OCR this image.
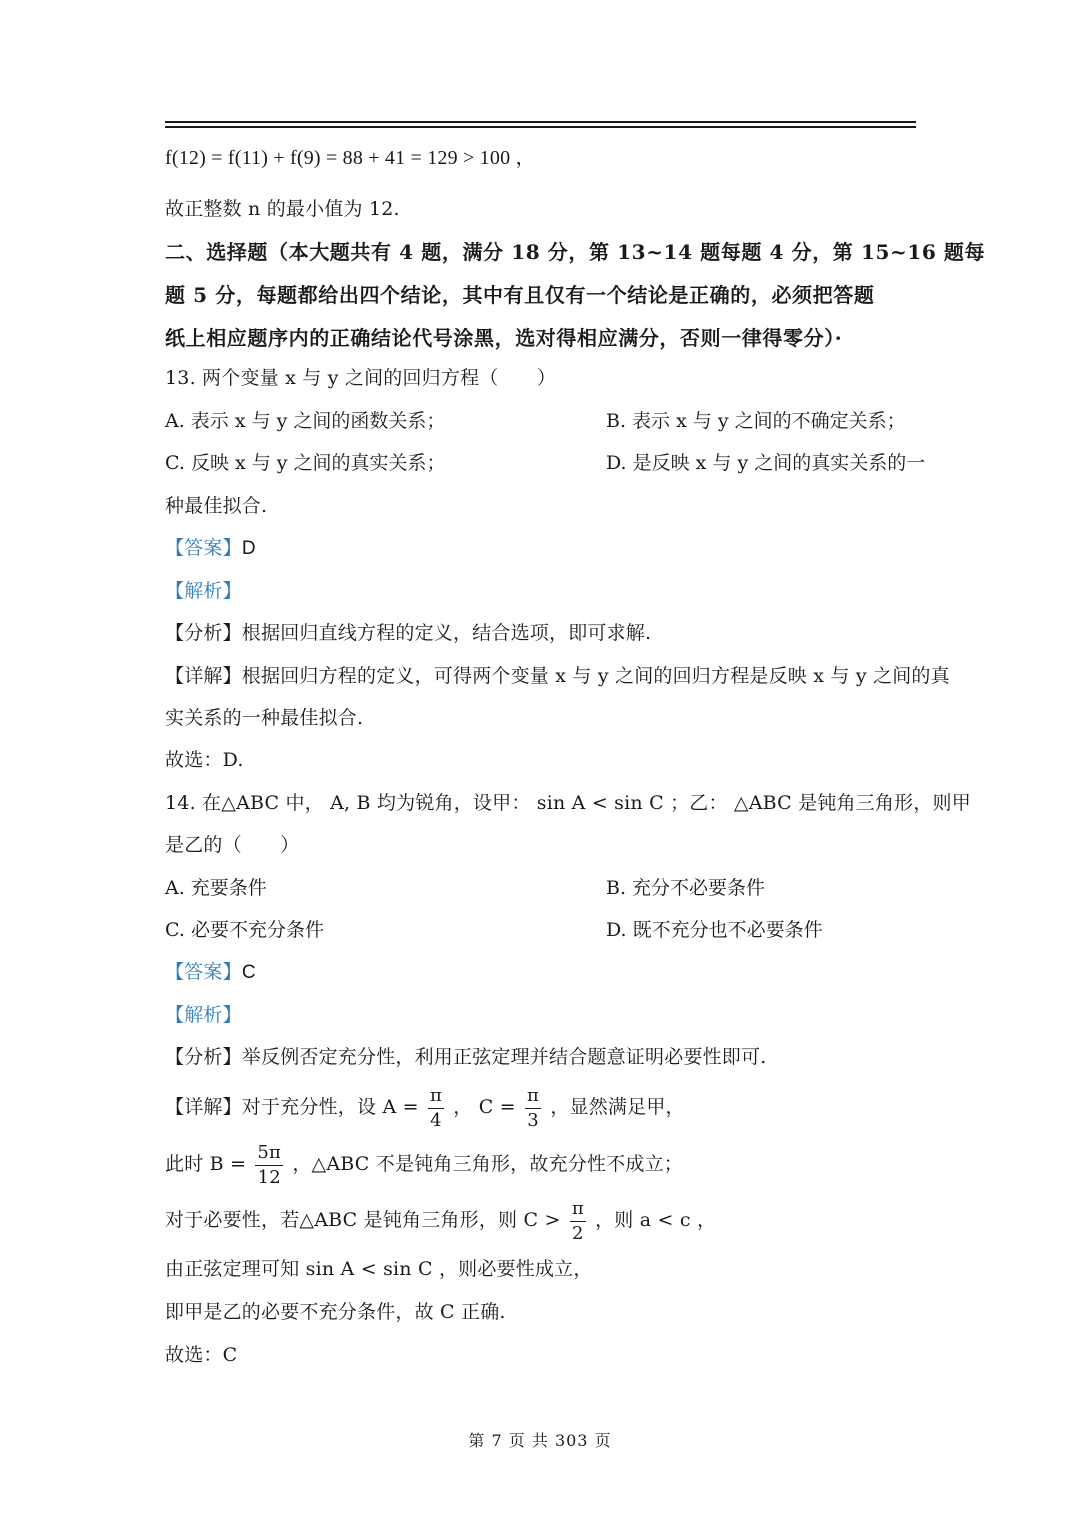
f(12) = f(11) + f(9) = 88 + 41 = 129 > 100 ，
故正整数 n 的最小值为 12.
二、选择题（本大题共有 4 题，满分 18 分，第 13~14 题每题 4 分，第 15~16 题每
题 5 分，每题都给出四个结论，其中有且仅有一个结论是正确的，必须把答题
纸上相应题序内的正确结论代号涂黑，选对得相应满分，否则一律得零分）·
13. 两个变量 x 与 y 之间的回归方程（　　）
A. 表示 x 与 y 之间的函数关系；	B. 表示 x 与 y 之间的不确定关系；
C. 反映 x 与 y 之间的真实关系；	D. 是反映 x 与 y 之间的真实关系的一
种最佳拟合.
【答案】D
【解析】
【分析】根据回归直线方程的定义，结合选项，即可求解.
【详解】根据回归方程的定义，可得两个变量 x 与 y 之间的回归方程是反映 x 与 y 之间的真
实关系的一种最佳拟合.
故选：D.
14. 在△ABC 中， A, B 均为锐角，设甲： sin A < sin C ；乙： △ABC 是钝角三角形，则甲
是乙的（　　）
A. 充要条件	B. 充分不必要条件
C. 必要不充分条件	D. 既不充分也不必要条件
【答案】C
【解析】
【分析】举反例否定充分性，利用正弦定理并结合题意证明必要性即可.
【详解】对于充分性，设 $A = \frac{\pi}{4}$ ， $C = \frac{\pi}{3}$ ，显然满足甲，
此时 $B = \frac{5\pi}{12}$ ，△ABC 不是钝角三角形，故充分性不成立；
对于必要性，若△ABC 是钝角三角形，则 $C > \frac{\pi}{2}$ ，则 a < c ，
由正弦定理可知 sin A < sin C ，则必要性成立，
即甲是乙的必要不充分条件，故 C 正确.
故选：C
第 7 页 共 303 页
